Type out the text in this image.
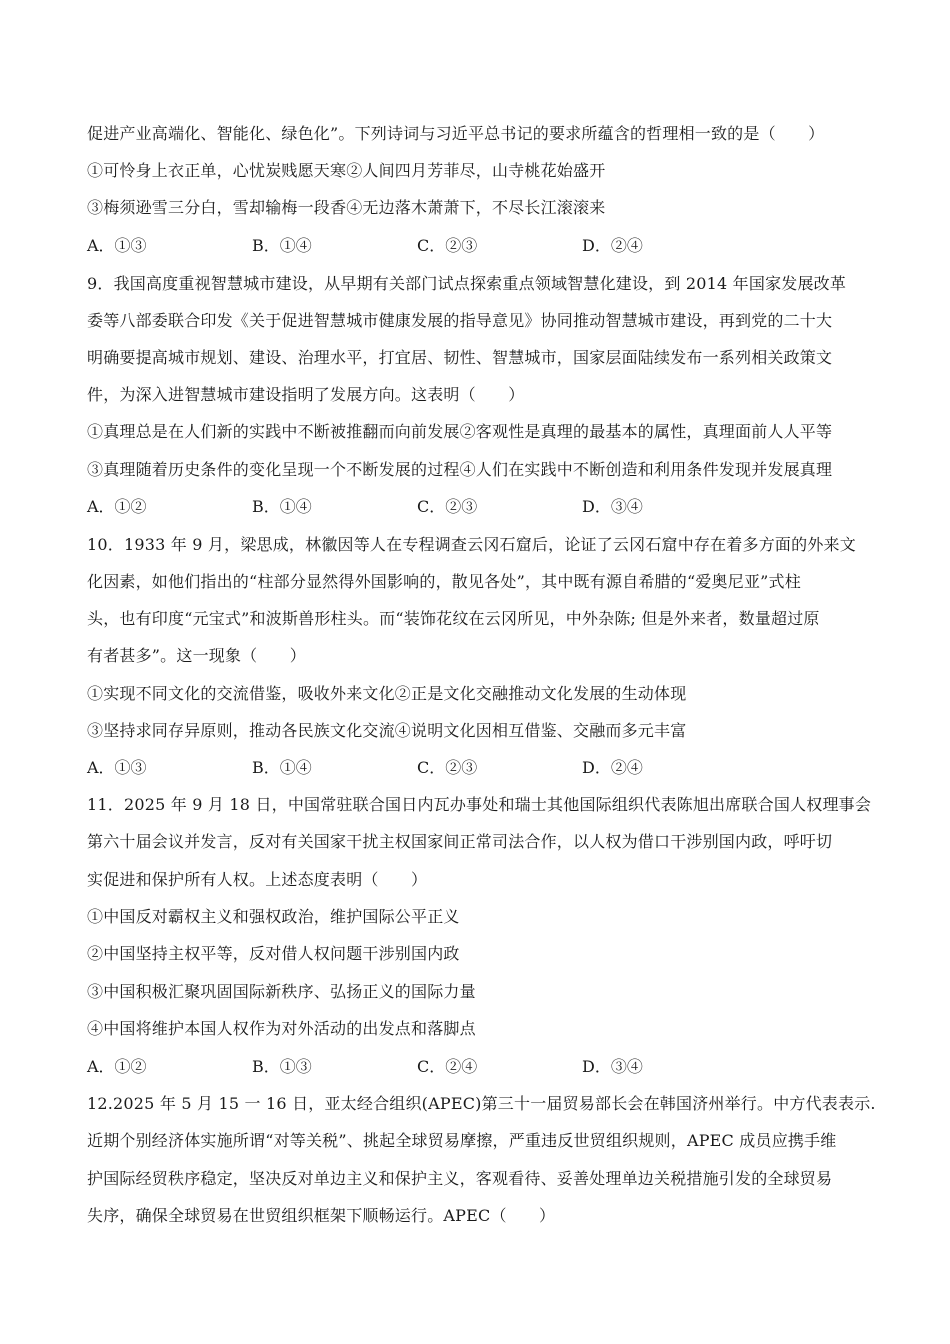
促进产业高端化、智能化、绿色化”。下列诗词与习近平总书记的要求所蕴含的哲理相一致的是（　　）
①可怜身上衣正单，心忧炭贱愿天寒②人间四月芳菲尽，山寺桃花始盛开
③梅须逊雪三分白，雪却输梅一段香④无边落木萧萧下，不尽长江滚滚来
A．①③	B．①④	C．②③	D．②④
9．我国高度重视智慧城市建设，从早期有关部门试点探索重点领域智慧化建设，到 2014 年国家发展改革
委等八部委联合印发《关于促进智慧城市健康发展的指导意见》协同推动智慧城市建设，再到党的二十大
明确要提高城市规划、建设、治理水平，打宜居、韧性、智慧城市，国家层面陆续发布一系列相关政策文
件，为深入进智慧城市建设指明了发展方向。这表明（　　）
①真理总是在人们新的实践中不断被推翻而向前发展②客观性是真理的最基本的属性，真理面前人人平等
③真理随着历史条件的变化呈现一个不断发展的过程④人们在实践中不断创造和利用条件发现并发展真理
A．①②	B．①④	C．②③	D．③④
10．1933 年 9 月，梁思成，林徽因等人在专程调查云冈石窟后，论证了云冈石窟中存在着多方面的外来文
化因素，如他们指出的“柱部分显然得外国影响的，散见各处”，其中既有源自希腊的“爱奥尼亚”式柱
头，也有印度“元宝式”和波斯兽形柱头。而“装饰花纹在云冈所见，中外杂陈; 但是外来者，数量超过原
有者甚多”。这一现象（　　）
①实现不同文化的交流借鉴，吸收外来文化②正是文化交融推动文化发展的生动体现
③坚持求同存异原则，推动各民族文化交流④说明文化因相互借鉴、交融而多元丰富
A．①③	B．①④	C．②③	D．②④
11．2025 年 9 月 18 日，中国常驻联合国日内瓦办事处和瑞士其他国际组织代表陈旭出席联合国人权理事会
第六十届会议并发言，反对有关国家干扰主权国家间正常司法合作，以人权为借口干涉别国内政，呼吁切
实促进和保护所有人权。上述态度表明（　　）
①中国反对霸权主义和强权政治，维护国际公平正义
②中国坚持主权平等，反对借人权问题干涉别国内政
③中国积极汇聚巩固国际新秩序、弘扬正义的国际力量
④中国将维护本国人权作为对外活动的出发点和落脚点
A．①②	B．①③	C．②④	D．③④
12.2025 年 5 月 15 一 16 日，亚太经合组织(APEC)第三十一届贸易部长会在韩国济州举行。中方代表表示.
近期个别经济体实施所谓“对等关税”、挑起全球贸易摩擦，严重违反世贸组织规则，APEC 成员应携手维
护国际经贸秩序稳定，坚决反对单边主义和保护主义，客观看待、妥善处理单边关税措施引发的全球贸易
失序，确保全球贸易在世贸组织框架下顺畅运行。APEC（　　）
